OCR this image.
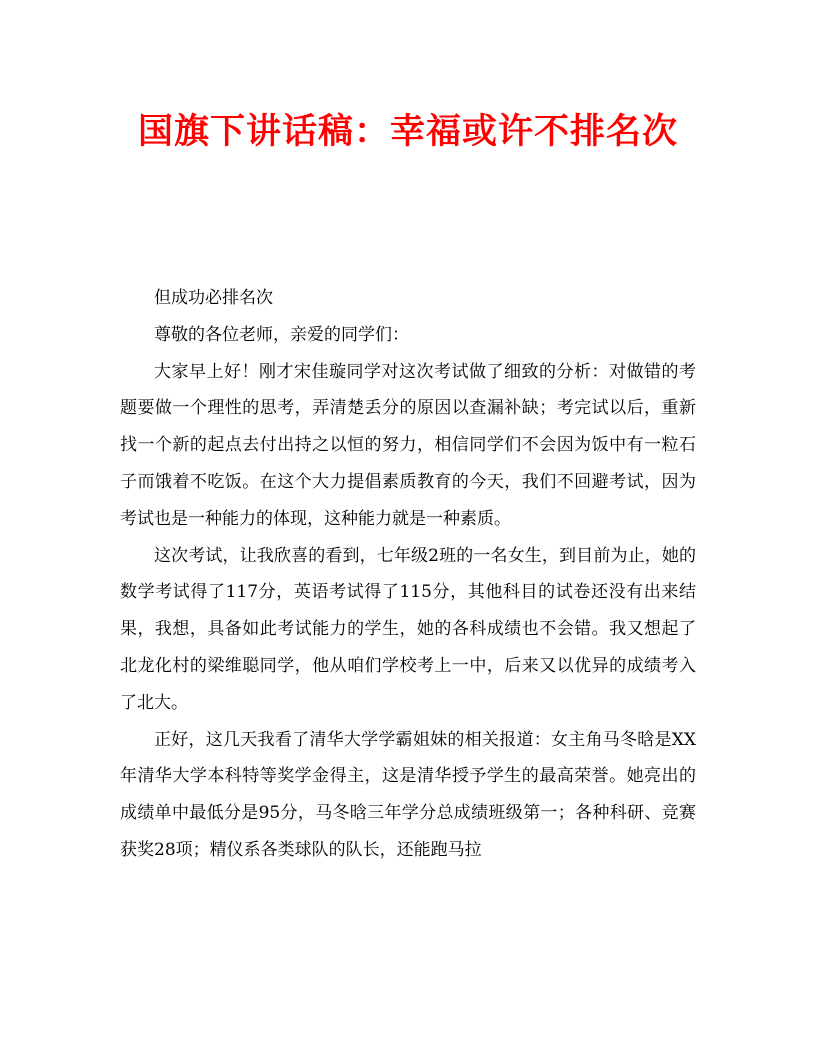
国旗下讲话稿：幸福或许不排名次

但成功必排名次

尊敬的各位老师，亲爱的同学们：

大家早上好！刚才宋佳璇同学对这次考试做了细致的分析：对做错的考题要做一个理性的思考，弄清楚丢分的原因以查漏补缺；考完试以后，重新找一个新的起点去付出持之以恒的努力，相信同学们不会因为饭中有一粒石子而饿着不吃饭。在这个大力提倡素质教育的今天，我们不回避考试，因为考试也是一种能力的体现，这种能力就是一种素质。

这次考试，让我欣喜的看到，七年级2班的一名女生，到目前为止，她的数学考试得了117分，英语考试得了115分，其他科目的试卷还没有出来结果，我想，具备如此考试能力的学生，她的各科成绩也不会错。我又想起了北龙化村的梁维聪同学，他从咱们学校考上一中，后来又以优异的成绩考入了北大。

正好，这几天我看了清华大学学霸姐妹的相关报道：女主角马冬晗是XX年清华大学本科特等奖学金得主，这是清华授予学生的最高荣誉。她亮出的成绩单中最低分是95分，马冬晗三年学分总成绩班级第一；各种科研、竞赛获奖28项；精仪系各类球队的队长，还能跑马拉
